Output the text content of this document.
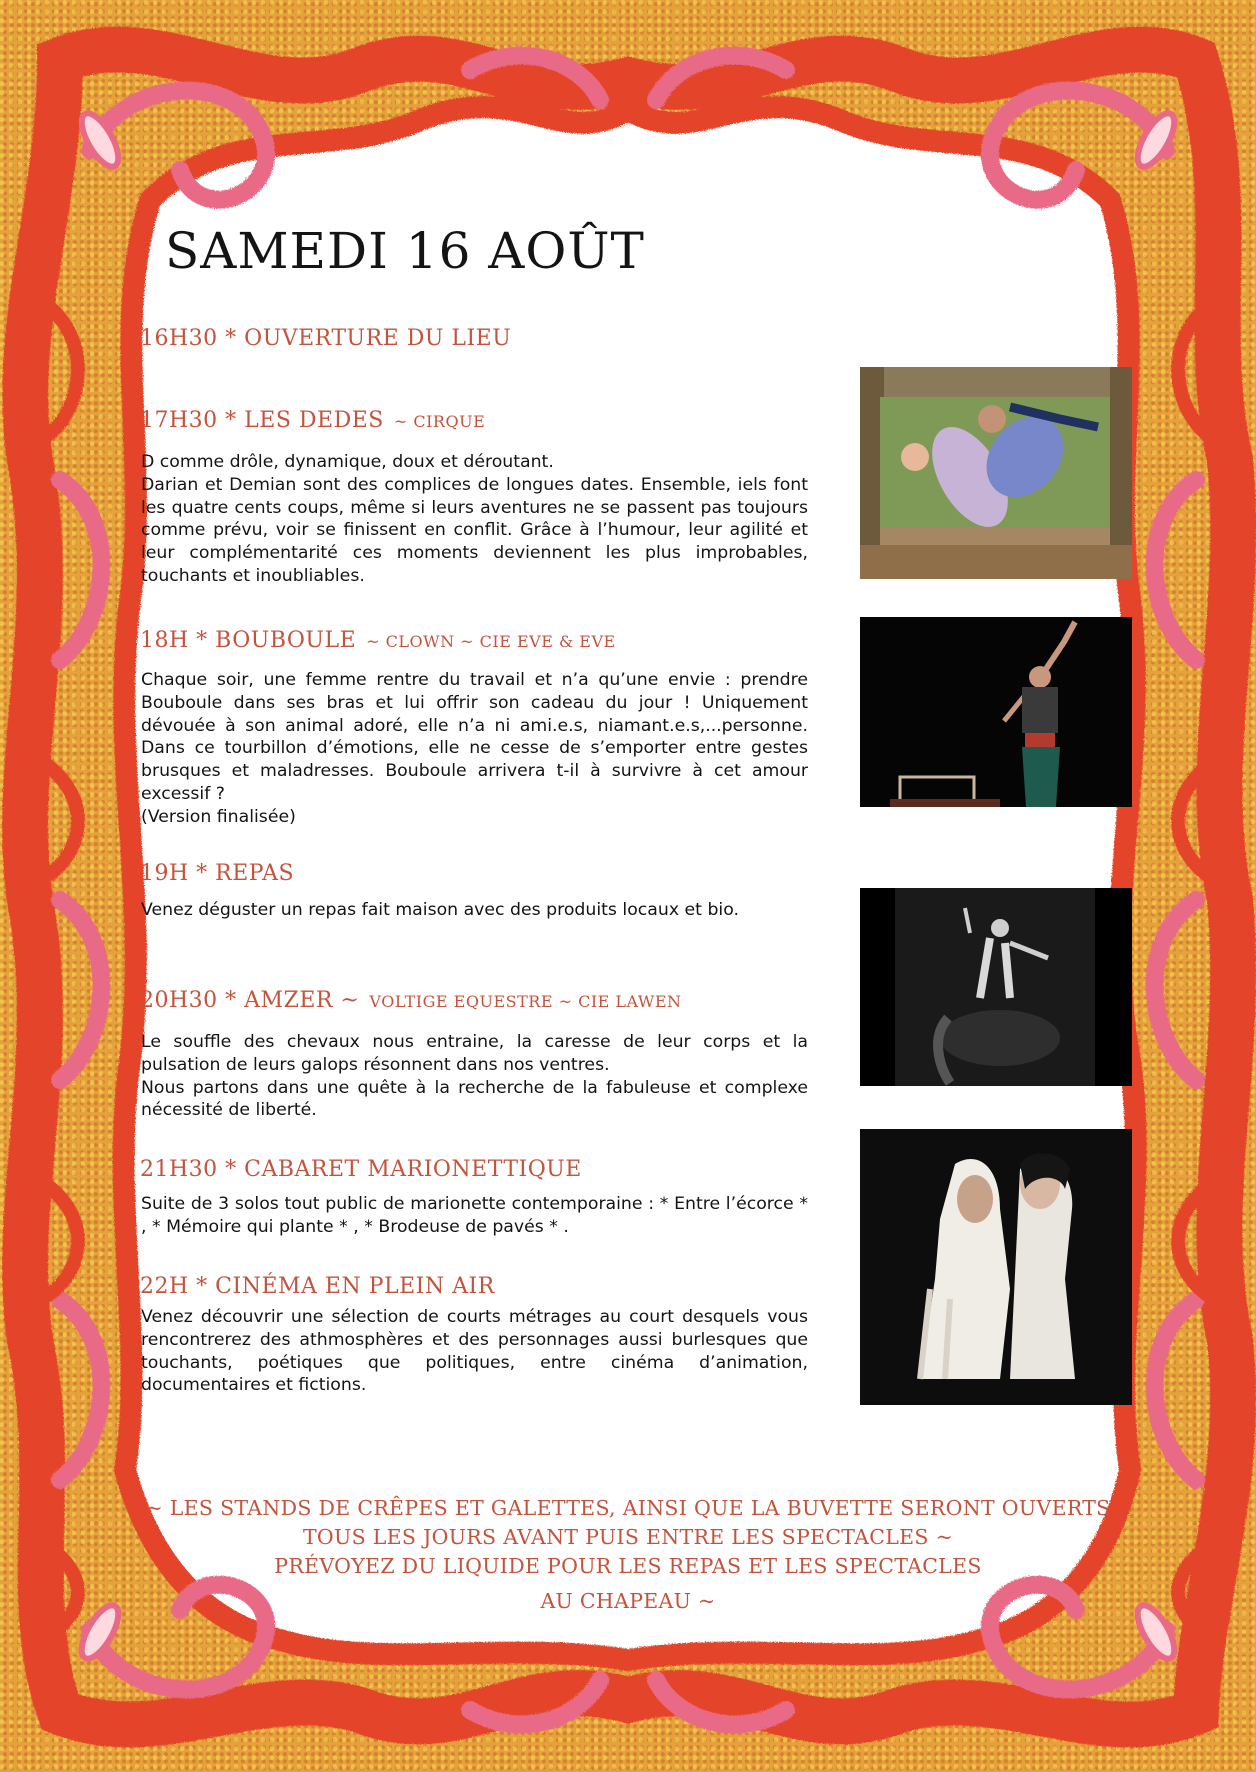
SAMEDI 16 AOÛT
16H30 * OUVERTURE DU LIEU
17H30 * LES DEDES ~ CIRQUE

D comme drôle, dynamique, doux et déroutant.

Darian et Demian sont des complices de longues dates. Ensemble, iels font les quatre cents coups, même si leurs aventures ne se passent pas toujours comme prévu, voir se finissent en conflit. Grâce à l’humour, leur agilité et leur complémentarité ces moments deviennent les plus improbables, touchants et inoubliables.

18H * BOUBOULE ~ CLOWN ~ CIE EVE & EVE

Chaque soir, une femme rentre du travail et n’a qu’une envie : prendre Bouboule dans ses bras et lui offrir son cadeau du jour ! Uniquement dévouée à son animal adoré, elle n’a ni ami.e.s, niamant.e.s,...personne. Dans ce tourbillon d’émotions, elle ne cesse de s’emporter entre gestes brusques et maladresses. Bouboule arrivera t-il à survivre à cet amour excessif ?

(Version finalisée)

19H * REPAS

Venez déguster un repas fait maison avec des produits locaux et bio.

20H30 * AMZER ~ VOLTIGE EQUESTRE ~ CIE LAWEN

Le souffle des chevaux nous entraine, la caresse de leur corps et la pulsation de leurs galops résonnent dans nos ventres.

Nous partons dans une quête à la recherche de la fabuleuse et complexe nécessité de liberté.

21H30 * CABARET MARIONETTIQUE

Suite de 3 solos tout public de marionette contemporaine : * Entre l’écorce * , * Mémoire qui plante * , * Brodeuse de pavés * .

22H * CINÉMA EN PLEIN AIR

Venez découvrir une sélection de courts métrages au court desquels vous rencontrerez des athmosphères et des personnages aussi burlesques que touchants, poétiques que politiques, entre cinéma d’animation, documentaires et fictions.

~ LES STANDS DE CRÊPES ET GALETTES, AINSI QUE LA BUVETTE SERONT OUVERTS
TOUS LES JOURS AVANT PUIS ENTRE LES SPECTACLES ~
PRÉVOYEZ DU LIQUIDE POUR LES REPAS ET LES SPECTACLES
AU CHAPEAU ~
